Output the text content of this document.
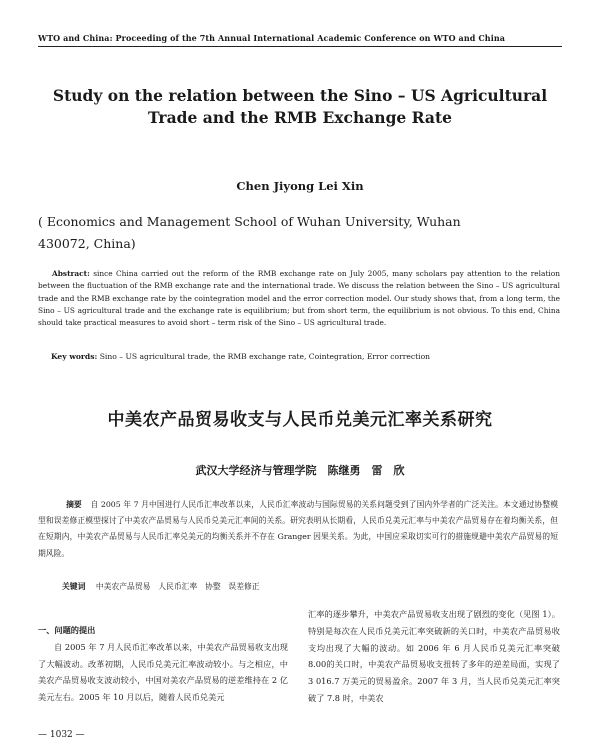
WTO and China: Proceeding of the 7th Annual International Academic Conference on WTO and China
Study on the relation between the Sino – US Agricultural
Trade and the RMB Exchange Rate
Chen Jiyong Lei Xin
( Economics and Management School of Wuhan University, Wuhan
430072, China)
Abstract: since China carried out the reform of the RMB exchange rate on July 2005, many scholars pay attention to the relation between the fluctuation of the RMB exchange rate and the international trade. We discuss the relation between the Sino – US agricultural trade and the RMB exchange rate by the cointegration model and the error correction model. Our study shows that, from a long term, the Sino – US agricultural trade and the exchange rate is equilibrium; but from short term, the equilibrium is not obvious. To this end, China should take practical measures to avoid short – term risk of the Sino – US agricultural trade.
Key words: Sino – US agricultural trade, the RMB exchange rate, Cointegration, Error correction
中美农产品贸易收支与人民币兑美元汇率关系研究
武汉大学经济与管理学院　陈继勇　雷　欣
摘要 自 2005 年 7 月中国进行人民币汇率改革以来，人民币汇率波动与国际贸易的关系问题受到了国内外学者的广泛关注。本文通过协整模型和误差修正模型探讨了中美农产品贸易与人民币兑美元汇率间的关系。研究表明从长期看，人民币兑美元汇率与中美农产品贸易存在着均衡关系，但在短期内，中美农产品贸易与人民币汇率兑美元的均衡关系并不存在 Granger 因果关系。为此，中国应采取切实可行的措施规避中美农产品贸易的短期风险。
关键词 中美农产品贸易　人民币汇率　协整　误差修正
一、问题的提出
自 2005 年 7 月人民币汇率改革以来，中美农产品贸易收支出现了大幅波动。改革初期，人民币兑美元汇率波动较小。与之相应，中美农产品贸易收支波动较小，中国对美农产品贸易的逆差维持在 2 亿美元左右。2005 年 10 月以后，随着人民币兑美元
汇率的逐步攀升，中美农产品贸易收支出现了剧烈的变化（见图 1）。特别是每次在人民币兑美元汇率突破新的关口时，中美农产品贸易收支均出现了大幅的波动。如 2006 年 6 月人民币兑美元汇率突破 8.00的关口时，中美农产品贸易收支扭转了多年的逆差局面，实现了 3 016.7 万美元的贸易盈余。2007 年 3 月，当人民币兑美元汇率突破了 7.8 时，中美农
— 1032 —
